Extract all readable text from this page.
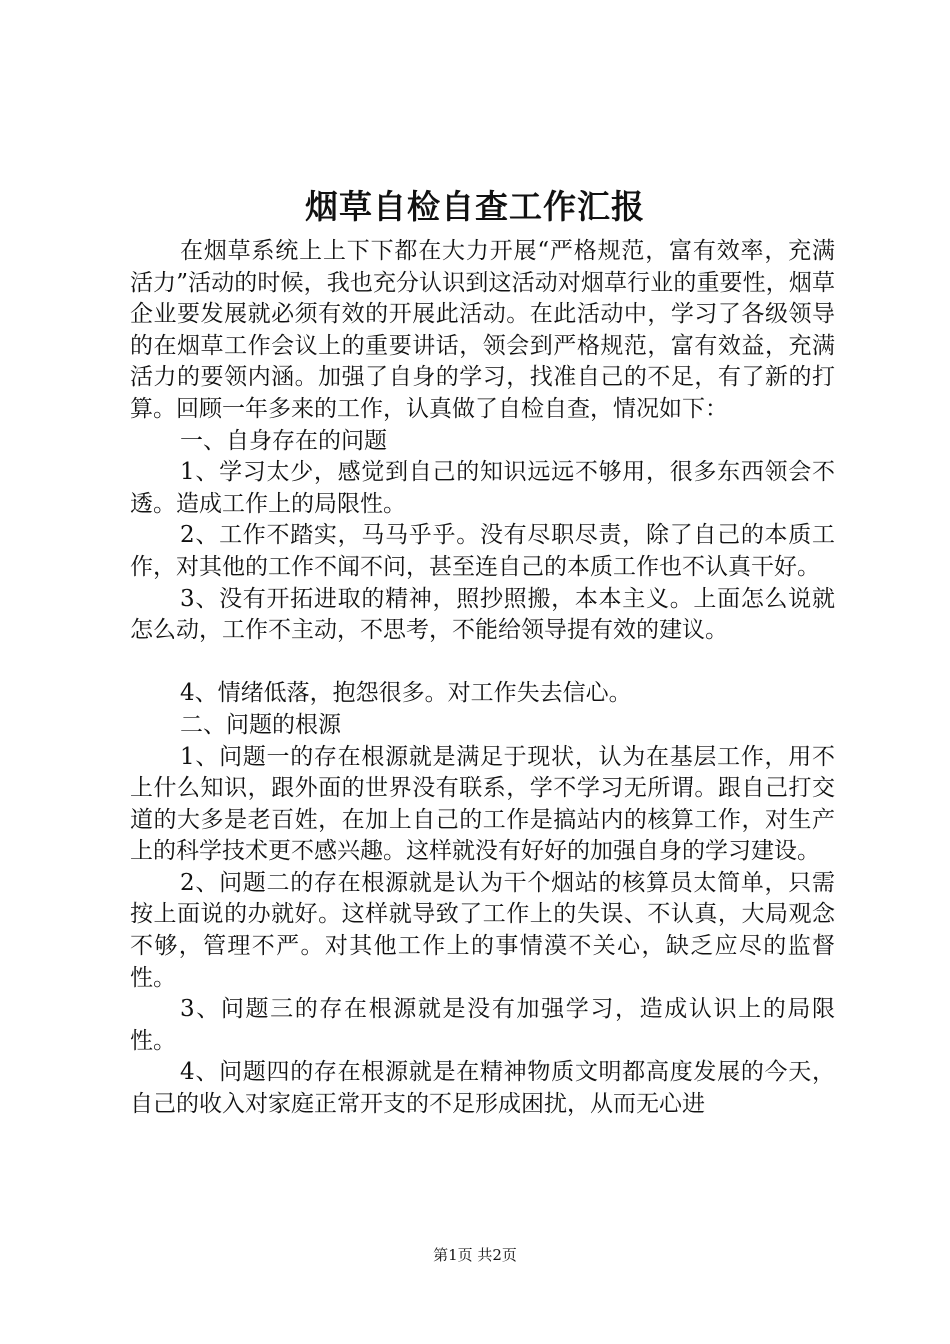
烟草自检自查工作汇报

在烟草系统上上下下都在大力开展“严格规范，富有效率，充满活力”活动的时候，我也充分认识到这活动对烟草行业的重要性，烟草企业要发展就必须有效的开展此活动。在此活动中，学习了各级领导的在烟草工作会议上的重要讲话，领会到严格规范，富有效益，充满活力的要领内涵。加强了自身的学习，找准自己的不足，有了新的打算。回顾一年多来的工作，认真做了自检自查，情况如下：

一、自身存在的问题

1、学习太少，感觉到自己的知识远远不够用，很多东西领会不透。造成工作上的局限性。

2、工作不踏实，马马乎乎。没有尽职尽责，除了自己的本质工作，对其他的工作不闻不问，甚至连自己的本质工作也不认真干好。

3、没有开拓进取的精神，照抄照搬，本本主义。上面怎么说就怎么动，工作不主动，不思考，不能给领导提有效的建议。

4、情绪低落，抱怨很多。对工作失去信心。

二、问题的根源

1、问题一的存在根源就是满足于现状，认为在基层工作，用不上什么知识，跟外面的世界没有联系，学不学习无所谓。跟自己打交道的大多是老百姓，在加上自己的工作是搞站内的核算工作，对生产上的科学技术更不感兴趣。这样就没有好好的加强自身的学习建设。

2、问题二的存在根源就是认为干个烟站的核算员太简单，只需按上面说的办就好。这样就导致了工作上的失误、不认真，大局观念不够，管理不严。对其他工作上的事情漠不关心，缺乏应尽的监督性。

3、问题三的存在根源就是没有加强学习，造成认识上的局限性。

4、问题四的存在根源就是在精神物质文明都高度发展的今天，自己的收入对家庭正常开支的不足形成困扰，从而无心进

第1页 共2页
